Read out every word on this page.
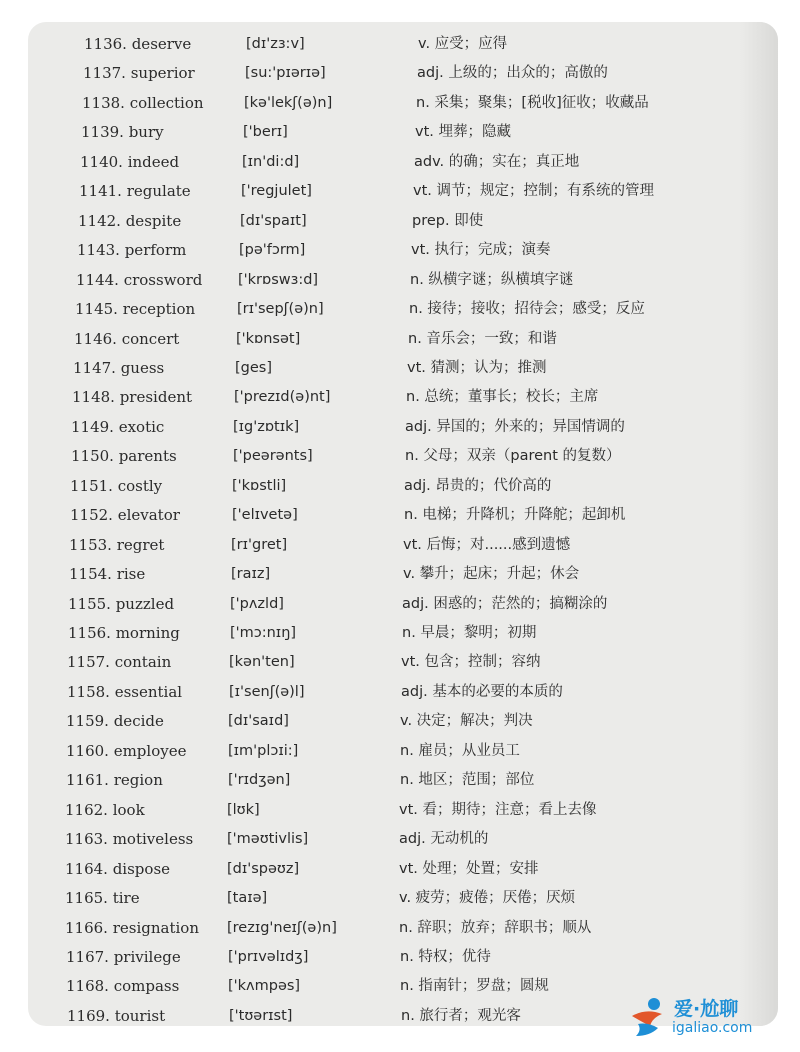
1136. deserve	[dɪ'zɜ:v]	v. 应受；应得
1137. superior	[su:'pɪərɪə]	adj. 上级的；出众的；高傲的
1138. collection	[kə'lekʃ(ə)n]	n. 采集；聚集；[税收]征收；收藏品
1139. bury	['berɪ]	vt. 埋葬；隐藏
1140. indeed	[ɪn'di:d]	adv. 的确；实在；真正地
1141. regulate	['regjulet]	vt. 调节；规定；控制；有系统的管理
1142. despite	[dɪ'spaɪt]	prep. 即使
1143. perform	[pə'fɔrm]	vt. 执行；完成；演奏
1144. crossword ['krɒswɜ:d]	n. 纵横字谜；纵横填字谜
1145. reception	[rɪ'sepʃ(ə)n]	n. 接待；接收；招待会；感受；反应
1146. concert	['kɒnsət]	n. 音乐会；一致；和谐
1147. guess	[ges]	vt. 猜测；认为；推测
1148. president	['prezɪd(ə)nt]	n. 总统；董事长；校长；主席
1149. exotic	[ɪg'zɒtɪk]	adj. 异国的；外来的；异国情调的
1150. parents	['peərənts]	n. 父母；双亲（parent 的复数）
1151. costly	['kɒstli]	adj. 昂贵的；代价高的
1152. elevator	['elɪvetə]	n. 电梯；升降机；升降舵；起卸机
1153. regret	[rɪ'gret]	vt. 后悔；对......感到遗憾
1154. rise	[raɪz]	v. 攀升；起床；升起；休会
1155. puzzled	['pʌzld]	adj. 困惑的；茫然的；搞糊涂的
1156. morning	['mɔ:nɪŋ]	n. 早晨；黎明；初期
1157. contain	[kən'ten]	vt. 包含；控制；容纳
1158. essential	[ɪ'senʃ(ə)l]	adj. 基本的必要的本质的
1159. decide	[dɪ'saɪd]	v. 决定；解决；判决
1160. employee	[ɪm'plɔɪi:]	n. 雇员；从业员工
1161. region	['rɪdʒən]	n. 地区；范围；部位
1162. look	[lʊk]	vt. 看；期待；注意；看上去像
1163. motiveless ['məʊtivlis]	adj. 无动机的
1164. dispose	[dɪ'spəʊz]	vt. 处理；处置；安排
1165. tire	[taɪə]	v. 疲劳；疲倦；厌倦；厌烦
1166. resignation [rezɪg'neɪʃ(ə)n]	n. 辞职；放弃；辞职书；顺从
1167. privilege	['prɪvəlɪdʒ]	n. 特权；优待
1168. compass	['kʌmpəs]	n. 指南针；罗盘；圆规
1169. tourist	['tʊərɪst]	n. 旅行者；观光客	爱·尬聊
igaliao.com
